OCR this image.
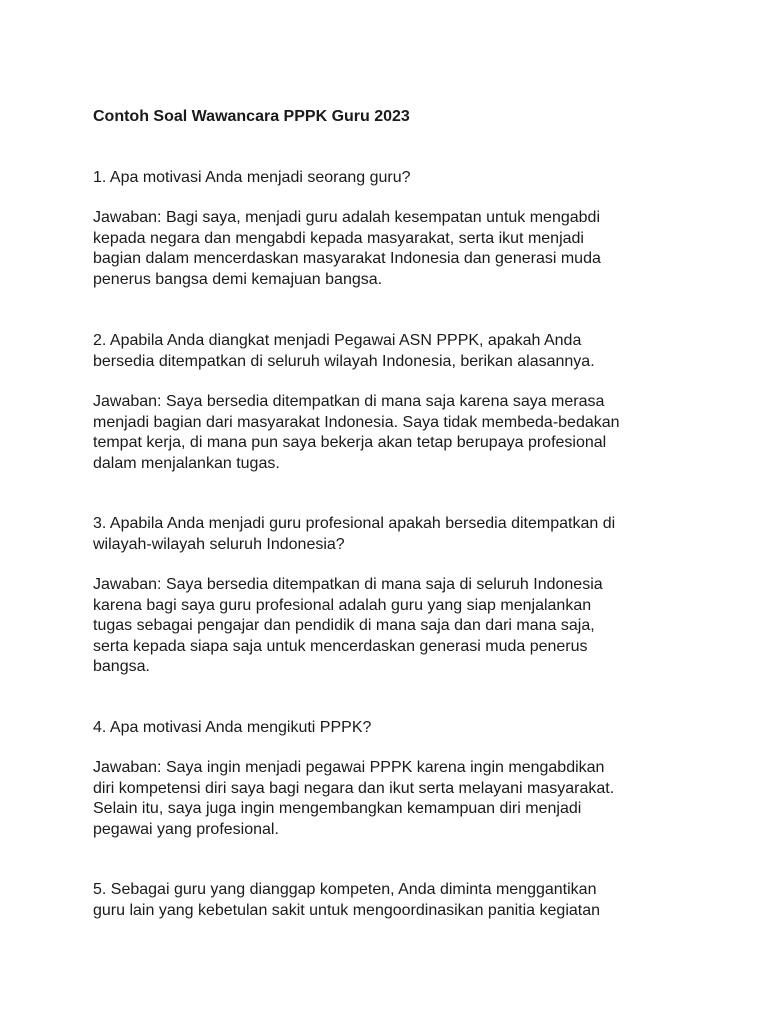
Contoh Soal Wawancara PPPK Guru 2023

1. Apa motivasi Anda menjadi seorang guru?

Jawaban: Bagi saya, menjadi guru adalah kesempatan untuk mengabdi
kepada negara dan mengabdi kepada masyarakat, serta ikut menjadi
bagian dalam mencerdaskan masyarakat Indonesia dan generasi muda
penerus bangsa demi kemajuan bangsa.

2. Apabila Anda diangkat menjadi Pegawai ASN PPPK, apakah Anda
bersedia ditempatkan di seluruh wilayah Indonesia, berikan alasannya.

Jawaban: Saya bersedia ditempatkan di mana saja karena saya merasa
menjadi bagian dari masyarakat Indonesia. Saya tidak membeda-bedakan
tempat kerja, di mana pun saya bekerja akan tetap berupaya profesional
dalam menjalankan tugas.

3. Apabila Anda menjadi guru profesional apakah bersedia ditempatkan di
wilayah-wilayah seluruh Indonesia?

Jawaban: Saya bersedia ditempatkan di mana saja di seluruh Indonesia
karena bagi saya guru profesional adalah guru yang siap menjalankan
tugas sebagai pengajar dan pendidik di mana saja dan dari mana saja,
serta kepada siapa saja untuk mencerdaskan generasi muda penerus
bangsa.

4. Apa motivasi Anda mengikuti PPPK?

Jawaban: Saya ingin menjadi pegawai PPPK karena ingin mengabdikan
diri kompetensi diri saya bagi negara dan ikut serta melayani masyarakat.
Selain itu, saya juga ingin mengembangkan kemampuan diri menjadi
pegawai yang profesional.

5. Sebagai guru yang dianggap kompeten, Anda diminta menggantikan
guru lain yang kebetulan sakit untuk mengoordinasikan panitia kegiatan
